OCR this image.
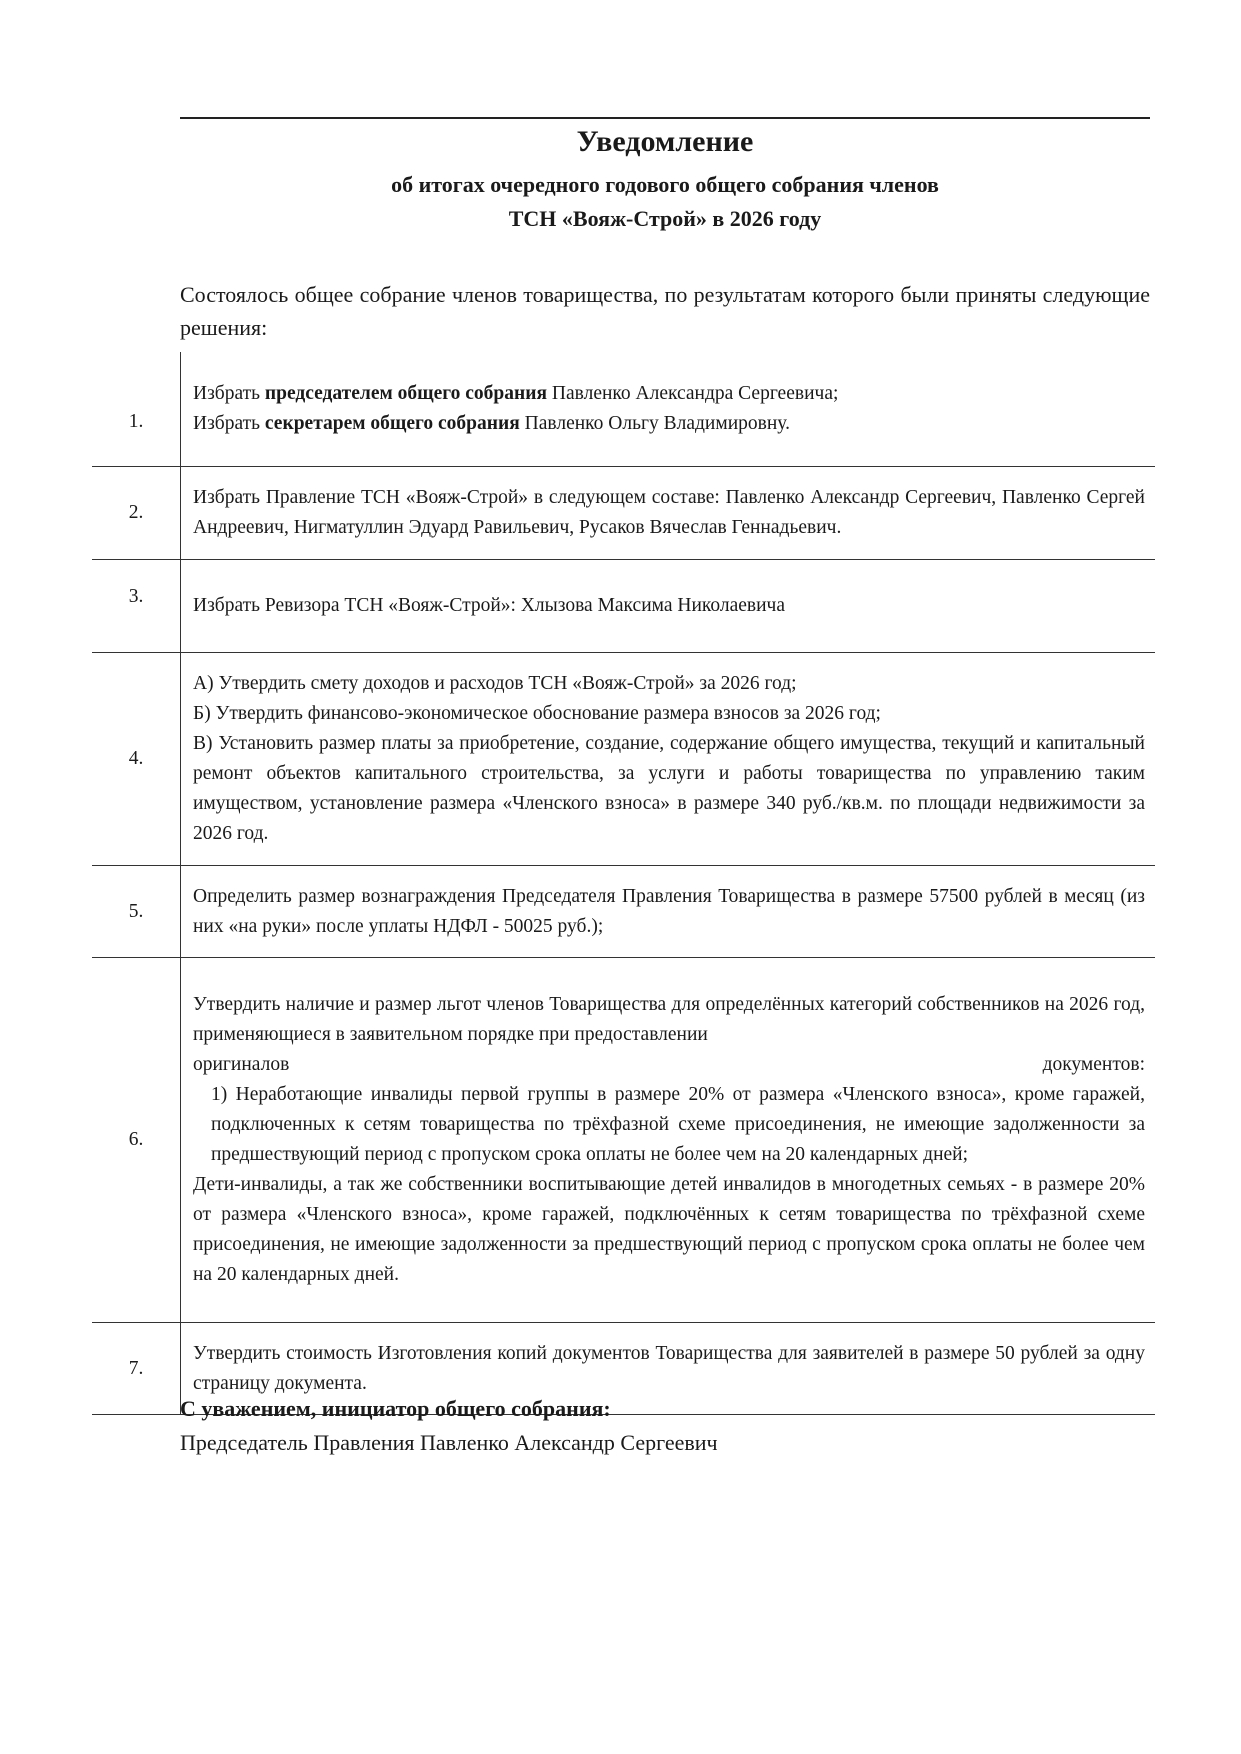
Уведомление
об итогах очередного годового общего собрания членов
ТСН «Вояж-Строй» в 2026 году
Состоялось общее собрание членов товарищества, по результатам которого были приняты следующие решения:
1.	Избрать председателем общего собрания Павленко Александра Сергеевича;
Избрать секретарем общего собрания Павленко Ольгу Владимировну.

2.	Избрать Правление ТСН «Вояж-Строй» в следующем составе: Павленко Александр Сергеевич, Павленко Сергей Андреевич, Нигматуллин Эдуард Равильевич, Русаков Вячеслав Геннадьевич.
3.	Избрать Ревизора ТСН «Вояж-Строй»: Хлызова Максима Николаевича
4.	А) Утвердить смету доходов и расходов ТСН «Вояж-Строй» за 2026 год;
Б) Утвердить финансово-экономическое обоснование размера взносов за 2026 год;
В) Установить размер платы за приобретение, создание, содержание общего имущества, текущий и капитальный ремонт объектов капитального строительства, за услуги и работы товарищества по управлению таким имуществом, установление размера «Членского взноса» в размере 340 руб./кв.м. по площади недвижимости за 2026 год.

5.	Определить размер вознаграждения Председателя Правления Товарищества в размере 57500 рублей в месяц (из них «на руки» после уплаты НДФЛ - 50025 руб.);
6.	Утвердить наличие и размер льгот членов Товарищества для определённых категорий собственников на 2026 год, применяющиеся в заявительном порядке при предоставлении
оригиналов документов:
1) Неработающие инвалиды первой группы в размере 20% от размера «Членского взноса», кроме гаражей, подключенных к сетям товарищества по трёхфазной схеме присоединения, не имеющие задолженности за предшествующий период с пропуском срока оплаты не более чем на 20 календарных дней;
Дети-инвалиды, а так же собственники воспитывающие детей инвалидов в многодетных семьях - в размере 20% от размера «Членского взноса», кроме гаражей, подключённых к сетям товарищества по трёхфазной схеме присоединения, не имеющие задолженности за предшествующий период с пропуском срока оплаты не более чем на 20 календарных дней.

7.	Утвердить стоимость Изготовления копий документов Товарищества для заявителей в размере 50 рублей за одну страницу документа.
С уважением, инициатор общего собрания:
Председатель Правления Павленко Александр Сергеевич
